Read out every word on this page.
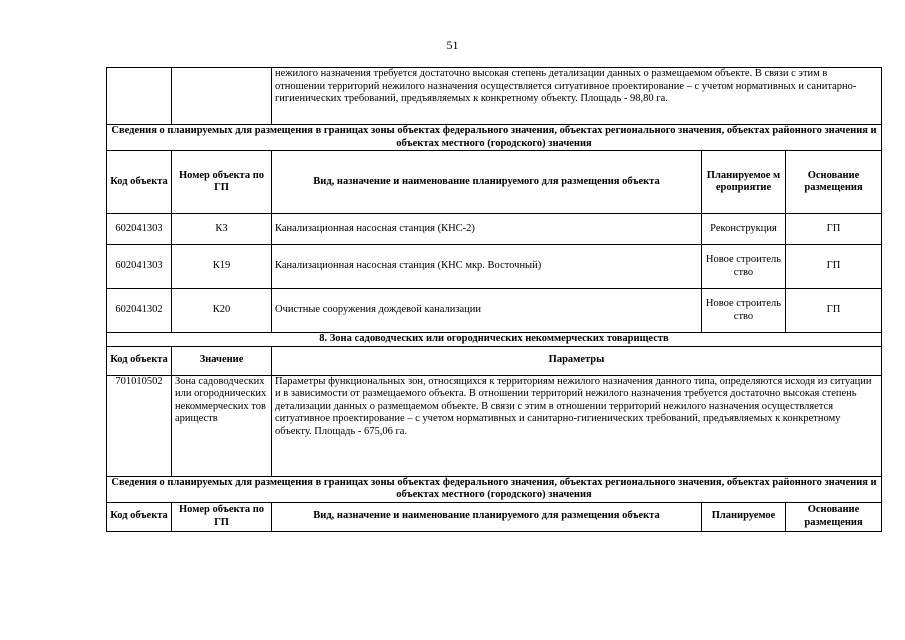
51
		нежилого назначения требуется достаточно высокая степень детализации данных о размещаемом объекте. В связи с этим в отношении территорий нежилого назначения осуществляется ситуативное проектирование – с учетом нормативных и санитарно-гигиенических требований, предъявляемых к конкретному объекту. Площадь - 98,80 га.		
Сведения о планируемых для размещения в границах зоны объектах федерального значения, объектах регионального значения, объектах районного значения и объектах местного (городского) значения				
Код объекта	Номер объекта по ГП	Вид, назначение и наименование планируемого для размещения объекта	Планируемое мероприятие	Основание размещения
602041303	К3	Канализационная насосная станция (КНС-2)	Реконструкция	ГП
602041303	К19	Канализационная насосная станция (КНС мкр. Восточный)	Новое строительство	ГП
602041302	К20	Очистные сооружения дождевой канализации	Новое строительство	ГП
8. Зона садоводческих или огороднических некоммерческих товариществ				
Код объекта	Значение	Параметры		
701010502	Зона садоводческих или огороднических некоммерческих товариществ	Параметры функциональных зон, относящихся к территориям нежилого назначения данного типа, определяются исходя из ситуации и в зависимости от размещаемого объекта. В отношении территорий нежилого назначения требуется достаточно высокая степень детализации данных о размещаемом объекте. В связи с этим в отношении территорий нежилого назначения осуществляется ситуативное проектирование – с учетом нормативных и санитарно-гигиенических требований, предъявляемых к конкретному объекту. Площадь - 675,06 га.		
Сведения о планируемых для размещения в границах зоны объектах федерального значения, объектах регионального значения, объектах районного значения и объектах местного (городского) значения				
Код объекта	Номер объекта по ГП	Вид, назначение и наименование планируемого для размещения объекта	Планируемое	Основание размещения
